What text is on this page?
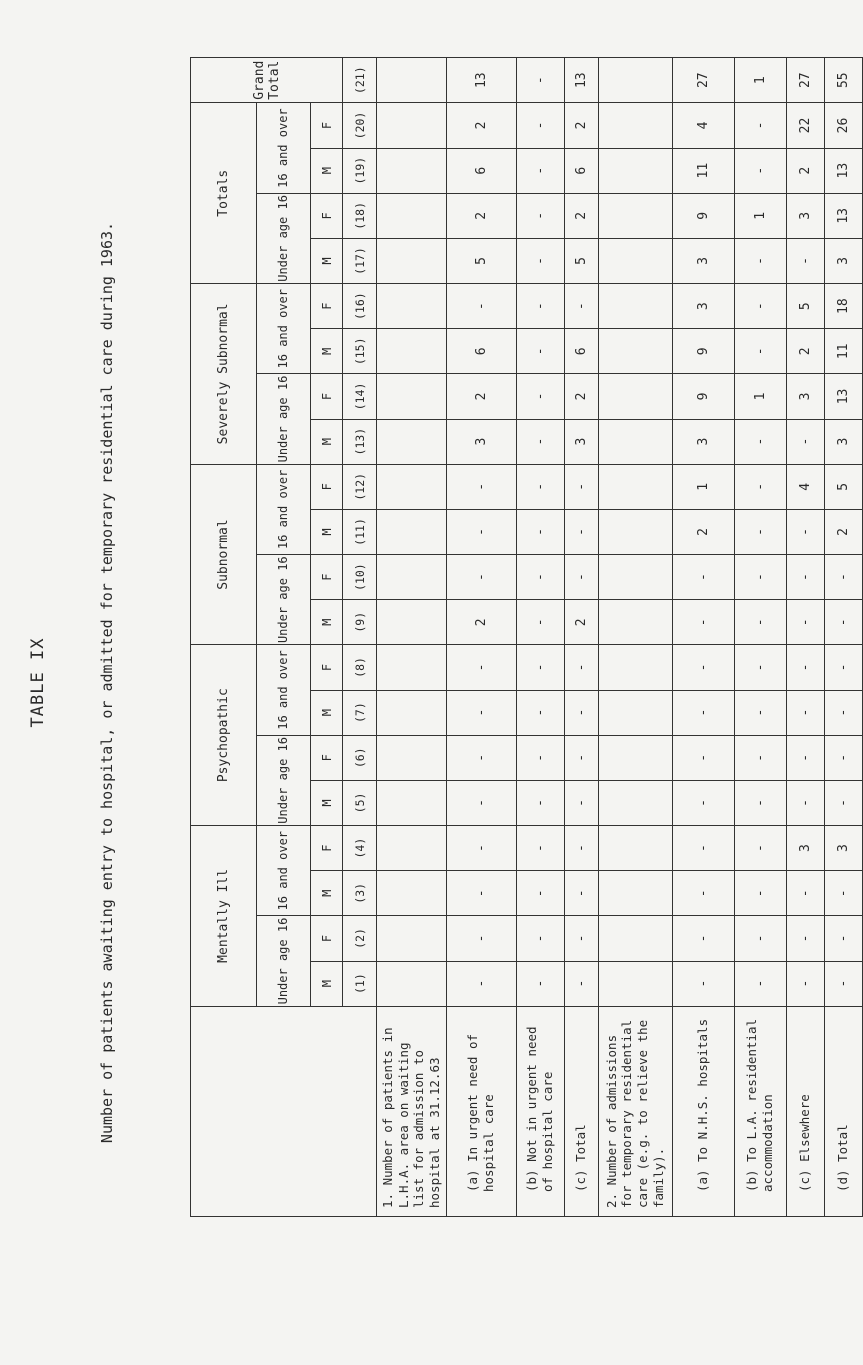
TABLE IX	Number of patients awaiting entry to hospital, or admitted for temporary residential care during 1963.
		Mentally Ill				Psychopathic				Subnormal				Severely Subnormal				Totals				Grand Total
	Under age 16		16 and over		Under age 16		16 and over		Under age 16		16 and over		Under age 16		16 and over		Under age 16		16 and over		
	M	F	M	F	M	F	M	F	M	F	M	F	M	F	M	F	M	F	M	F	
	(1)	(2)	(3)	(4)	(5)	(6)	(7)	(8)	(9)	(10)	(11)	(12)	(13)	(14)	(15)	(16)	(17)	(18)	(19)	(20)	(21)
1. Number of patients in L.H.A. area on waiting list for admission to hospital at 31.12.63																					
(a) In urgent need of hospital care	-	-	-	-	-	-	-	-	2	-	-	-	3	2	6	-	5	2	6	2	13
(b) Not in urgent need of hospital care	-	-	-	-	-	-	-	-	-	-	-	-	-	-	-	-	-	-	-	-	-
(c) Total	-	-	-	-	-	-	-	-	2	-	-	-	3	2	6	-	5	2	6	2	13
2. Number of admissions for temporary residential care (e.g. to relieve the family).																					
(a) To N.H.S. hospitals	-	-	-	-	-	-	-	-	-	-	2	1	3	9	9	3	3	9	11	4	27
(b) To L.A. residential accommodation	-	-	-	-	-	-	-	-	-	-	-	-	-	1	-	-	-	1	-	-	1
(c) Elsewhere	-	-	-	3	-	-	-	-	-	-	-	4	-	3	2	5	-	3	2	22	27
(d) Total	-	-	-	3	-	-	-	-	-	-	2	5	3	13	11	18	3	13	13	26	55
